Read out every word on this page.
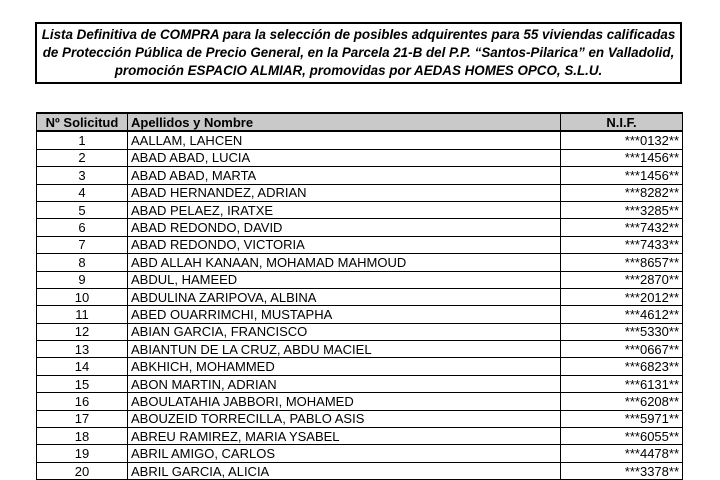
Lista Definitiva de COMPRA para la selección de posibles adquirentes para 55 viviendas calificadas
de Protección Pública de Precio General, en la Parcela 21-B del P.P. “Santos-Pilarica” en Valladolid,
promoción ESPACIO ALMIAR, promovidas por AEDAS HOMES OPCO, S.L.U.
Nº Solicitud	Apellidos y Nombre	N.I.F.
1	AALLAM, LAHCEN	***0132**
2	ABAD ABAD, LUCIA	***1456**
3	ABAD ABAD, MARTA	***1456**
4	ABAD HERNANDEZ, ADRIAN	***8282**
5	ABAD PELAEZ, IRATXE	***3285**
6	ABAD REDONDO, DAVID	***7432**
7	ABAD REDONDO, VICTORIA	***7433**
8	ABD ALLAH KANAAN, MOHAMAD MAHMOUD	***8657**
9	ABDUL, HAMEED	***2870**
10	ABDULINA ZARIPOVA, ALBINA	***2012**
11	ABED OUARRIMCHI, MUSTAPHA	***4612**
12	ABIAN GARCIA, FRANCISCO	***5330**
13	ABIANTUN DE LA CRUZ, ABDU MACIEL	***0667**
14	ABKHICH, MOHAMMED	***6823**
15	ABON MARTIN, ADRIAN	***6131**
16	ABOULATAHIA JABBORI, MOHAMED	***6208**
17	ABOUZEID TORRECILLA, PABLO ASIS	***5971**
18	ABREU RAMIREZ, MARIA YSABEL	***6055**
19	ABRIL AMIGO, CARLOS	***4478**
20	ABRIL GARCIA, ALICIA	***3378**
